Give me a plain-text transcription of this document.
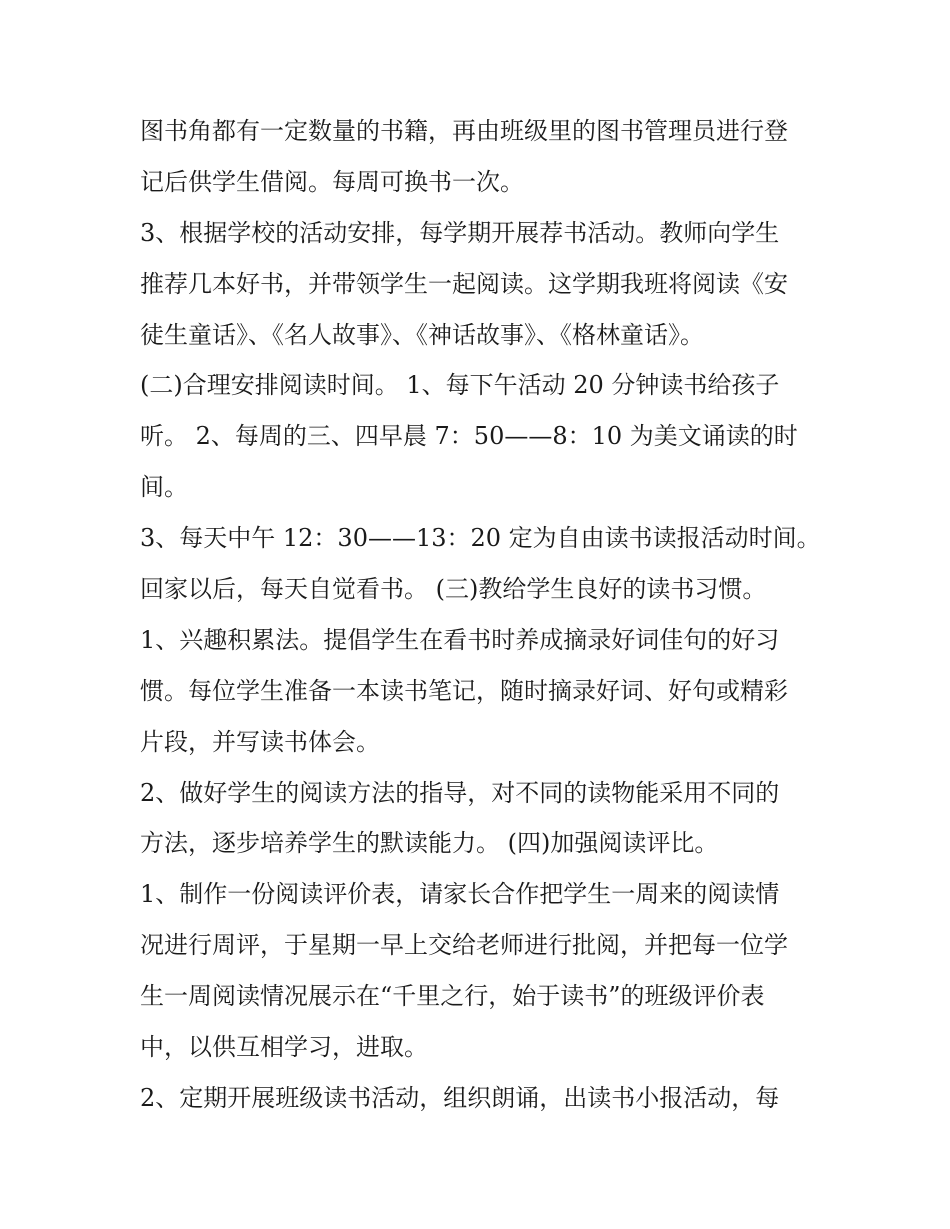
图书角都有一定数量的书籍，再由班级里的图书管理员进行登

记后供学生借阅。每周可换书一次。

3、根据学校的活动安排，每学期开展荐书活动。教师向学生

推荐几本好书，并带领学生一起阅读。这学期我班将阅读《安

徒生童话》、《名人故事》、《神话故事》、《格林童话》。

(二)合理安排阅读时间。 1、每下午活动 20 分钟读书给孩子

听。 2、每周的三、四早晨 7：50——8：10 为美文诵读的时

间。

3、每天中午 12：30——13：20 定为自由读书读报活动时间。

回家以后，每天自觉看书。 (三)教给学生良好的读书习惯。

1、兴趣积累法。提倡学生在看书时养成摘录好词佳句的好习

惯。每位学生准备一本读书笔记，随时摘录好词、好句或精彩

片段，并写读书体会。

2、做好学生的阅读方法的指导，对不同的读物能采用不同的

方法，逐步培养学生的默读能力。 (四)加强阅读评比。

1、制作一份阅读评价表，请家长合作把学生一周来的阅读情

况进行周评，于星期一早上交给老师进行批阅，并把每一位学

生一周阅读情况展示在“千里之行，始于读书”的班级评价表

中，以供互相学习，进取。

2、定期开展班级读书活动，组织朗诵，出读书小报活动，每
